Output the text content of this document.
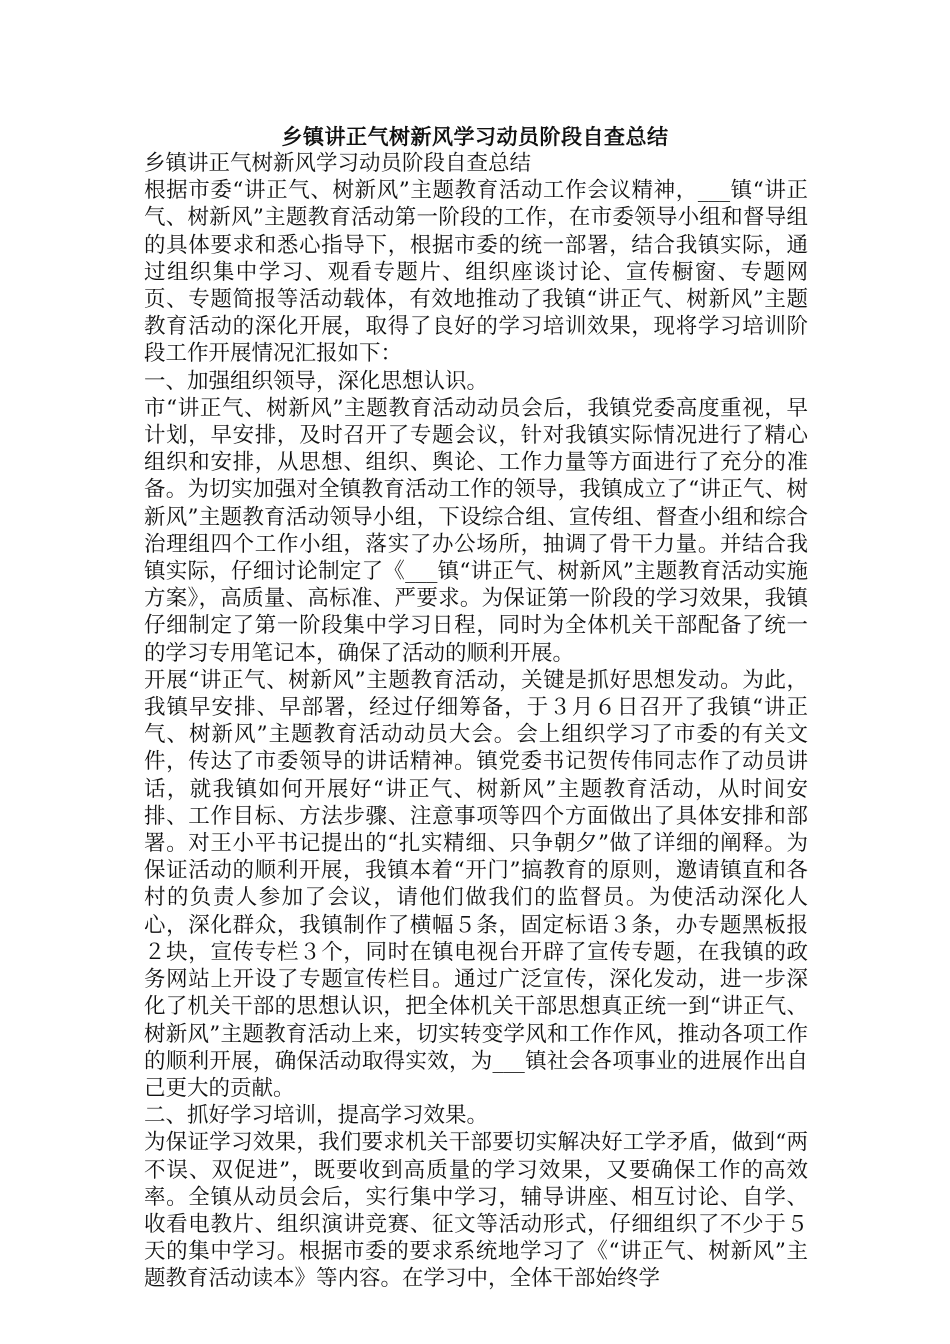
乡镇讲正气树新风学习动员阶段自查总结

乡镇讲正气树新风学习动员阶段自查总结

根据市委“讲正气、树新风”主题教育活动工作会议精神，___镇“讲正气、树新风”主题教育活动第一阶段的工作，在市委领导小组和督导组的具体要求和悉心指导下，根据市委的统一部署，结合我镇实际，通过组织集中学习、观看专题片、组织座谈讨论、宣传橱窗、专题网页、专题简报等活动载体，有效地推动了我镇“讲正气、树新风”主题教育活动的深化开展，取得了良好的学习培训效果，现将学习培训阶段工作开展情况汇报如下：

一、加强组织领导，深化思想认识。

市“讲正气、树新风”主题教育活动动员会后，我镇党委高度重视，早计划，早安排，及时召开了专题会议，针对我镇实际情况进行了精心组织和安排，从思想、组织、舆论、工作力量等方面进行了充分的准备。为切实加强对全镇教育活动工作的领导，我镇成立了“讲正气、树新风”主题教育活动领导小组，下设综合组、宣传组、督查小组和综合治理组四个工作小组，落实了办公场所，抽调了骨干力量。并结合我镇实际，仔细讨论制定了《___镇“讲正气、树新风”主题教育活动实施方案》，高质量、高标准、严要求。为保证第一阶段的学习效果，我镇仔细制定了第一阶段集中学习日程，同时为全体机关干部配备了统一的学习专用笔记本，确保了活动的顺利开展。

开展“讲正气、树新风”主题教育活动，关键是抓好思想发动。为此，我镇早安排、早部署，经过仔细筹备，于３月６日召开了我镇“讲正气、树新风”主题教育活动动员大会。会上组织学习了市委的有关文件，传达了市委领导的讲话精神。镇党委书记贺传伟同志作了动员讲话，就我镇如何开展好“讲正气、树新风”主题教育活动，从时间安排、工作目标、方法步骤、注意事项等四个方面做出了具体安排和部署。对王小平书记提出的“扎实精细、只争朝夕”做了详细的阐释。为保证活动的顺利开展，我镇本着“开门”搞教育的原则，邀请镇直和各村的负责人参加了会议，请他们做我们的监督员。为使活动深化人心，深化群众，我镇制作了横幅５条，固定标语３条，办专题黑板报２块，宣传专栏３个，同时在镇电视台开辟了宣传专题，在我镇的政务网站上开设了专题宣传栏目。通过广泛宣传，深化发动，进一步深化了机关干部的思想认识，把全体机关干部思想真正统一到“讲正气、树新风”主题教育活动上来，切实转变学风和工作作风，推动各项工作的顺利开展，确保活动取得实效，为___镇社会各项事业的进展作出自己更大的贡献。

二、抓好学习培训，提高学习效果。

为保证学习效果，我们要求机关干部要切实解决好工学矛盾，做到“两不误、双促进”，既要收到高质量的学习效果，又要确保工作的高效率。全镇从动员会后，实行集中学习，辅导讲座、相互讨论、自学、收看电教片、组织演讲竞赛、征文等活动形式，仔细组织了不少于５天的集中学习。根据市委的要求系统地学习了《“讲正气、树新风”主题教育活动读本》等内容。在学习中，全体干部始终学
